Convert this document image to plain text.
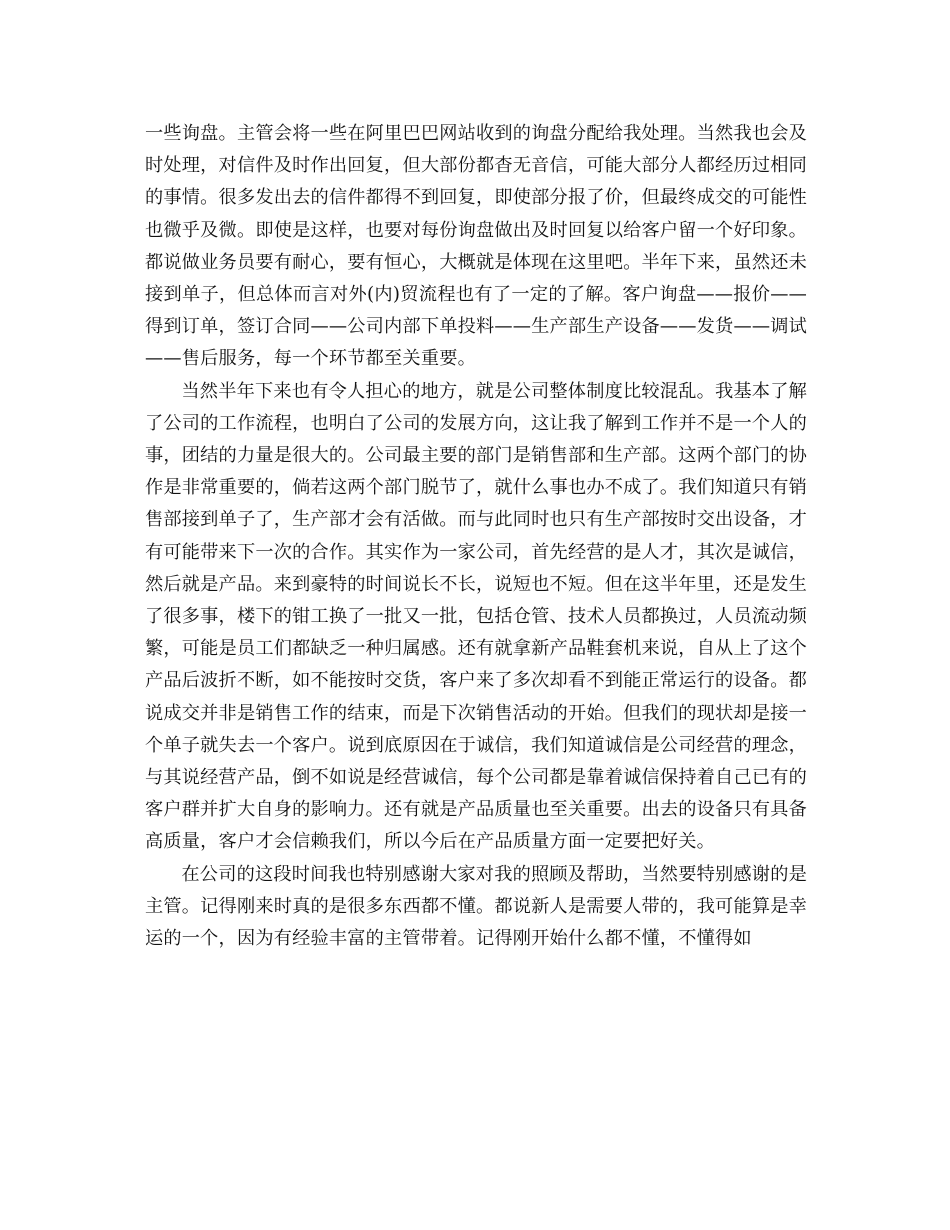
一些询盘。主管会将一些在阿里巴巴网站收到的询盘分配给我处理。当然我也会及时处理，对信件及时作出回复，但大部份都杳无音信，可能大部分人都经历过相同的事情。很多发出去的信件都得不到回复，即使部分报了价，但最终成交的可能性也微乎及微。即使是这样，也要对每份询盘做出及时回复以给客户留一个好印象。都说做业务员要有耐心，要有恒心，大概就是体现在这里吧。半年下来，虽然还未接到单子，但总体而言对外(内)贸流程也有了一定的了解。客户询盘——报价——得到订单，签订合同——公司内部下单投料——生产部生产设备——发货——调试——售后服务，每一个环节都至关重要。

当然半年下来也有令人担心的地方，就是公司整体制度比较混乱。我基本了解了公司的工作流程，也明白了公司的发展方向，这让我了解到工作并不是一个人的事，团结的力量是很大的。公司最主要的部门是销售部和生产部。这两个部门的协作是非常重要的，倘若这两个部门脱节了，就什么事也办不成了。我们知道只有销售部接到单子了，生产部才会有活做。而与此同时也只有生产部按时交出设备，才有可能带来下一次的合作。其实作为一家公司，首先经营的是人才，其次是诚信，然后就是产品。来到豪特的时间说长不长，说短也不短。但在这半年里，还是发生了很多事，楼下的钳工换了一批又一批，包括仓管、技术人员都换过，人员流动频繁，可能是员工们都缺乏一种归属感。还有就拿新产品鞋套机来说，自从上了这个产品后波折不断，如不能按时交货，客户来了多次却看不到能正常运行的设备。都说成交并非是销售工作的结束，而是下次销售活动的开始。但我们的现状却是接一个单子就失去一个客户。说到底原因在于诚信，我们知道诚信是公司经营的理念，与其说经营产品，倒不如说是经营诚信，每个公司都是靠着诚信保持着自己已有的客户群并扩大自身的影响力。还有就是产品质量也至关重要。出去的设备只有具备高质量，客户才会信赖我们，所以今后在产品质量方面一定要把好关。

在公司的这段时间我也特别感谢大家对我的照顾及帮助，当然要特别感谢的是主管。记得刚来时真的是很多东西都不懂。都说新人是需要人带的，我可能算是幸运的一个，因为有经验丰富的主管带着。记得刚开始什么都不懂，不懂得如
